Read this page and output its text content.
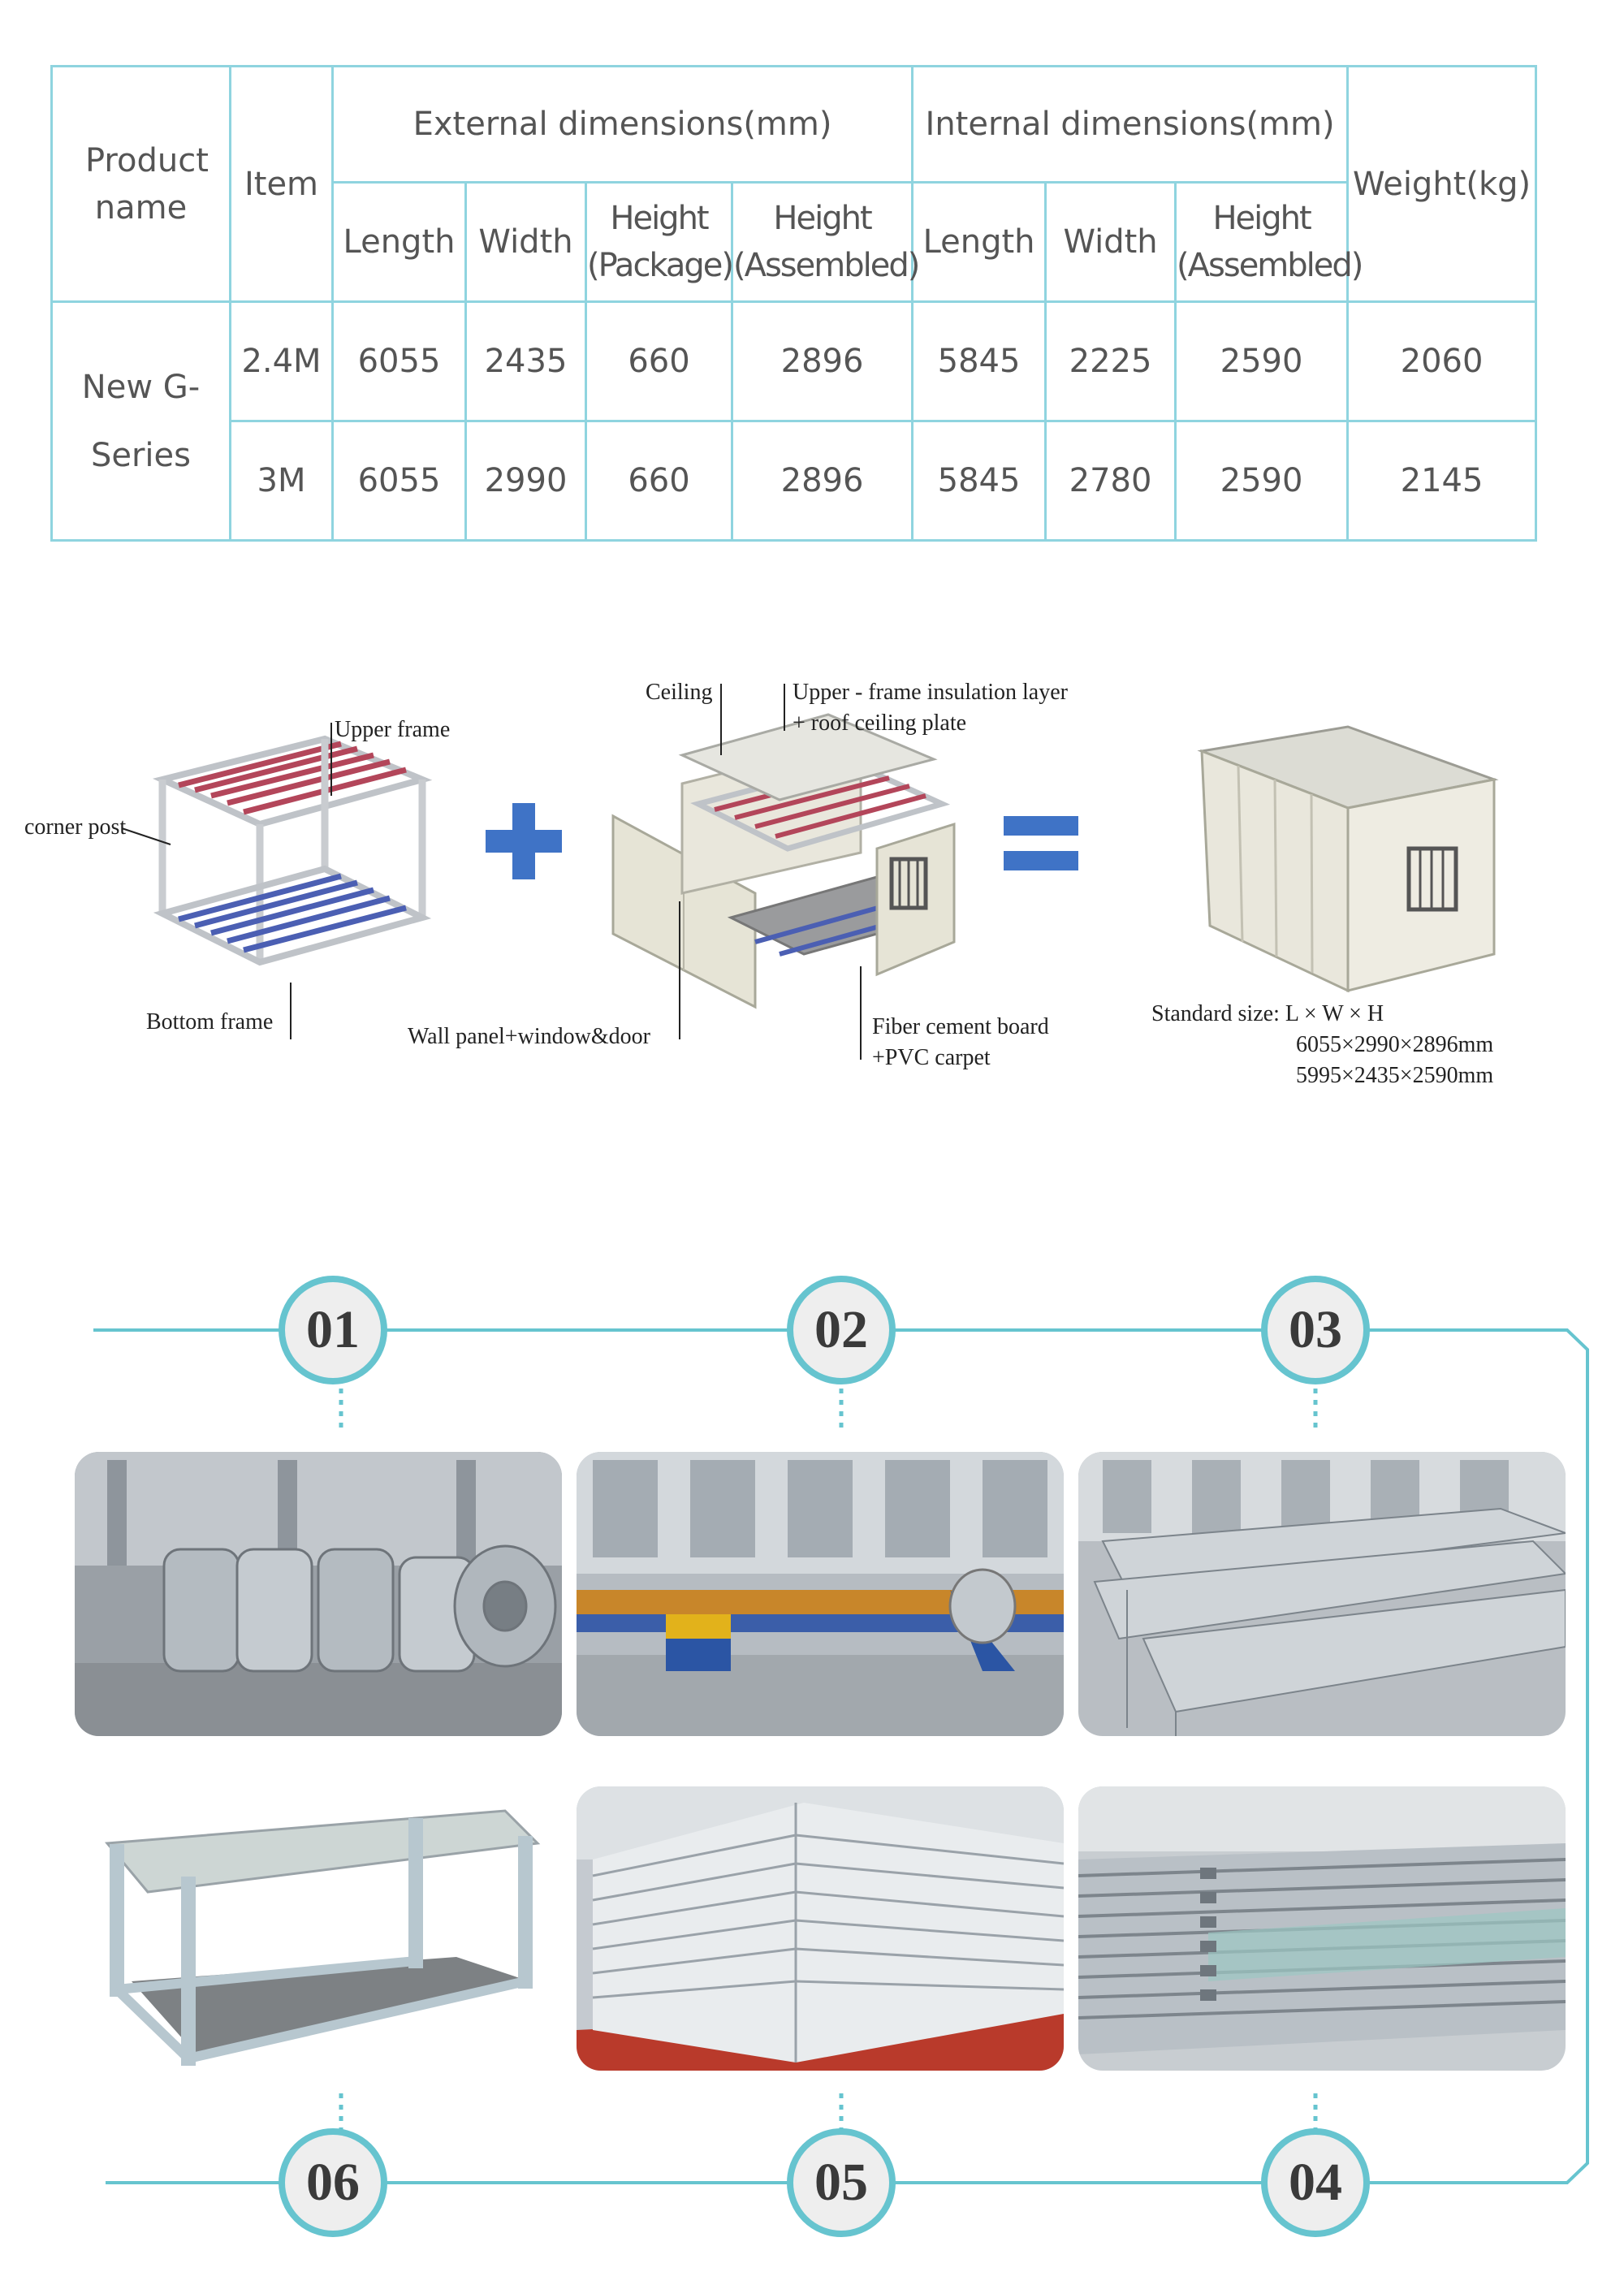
Product name	Item	External dimensions(mm)				Internal dimensions(mm)			Weight(kg)
		Length	Width	Height (Package)	Height (Assembled)	Length	Width	Height (Assembled)	
New G-Series	2.4M	6055	2435	660	2896	5845	2225	2590	2060
	3M	6055	2990	660	2896	5845	2780	2590	2145
Upper frame
corner post
Bottom frame
Ceiling	Upper - frame insulation layer
+ roof ceiling plate
Wall panel+window&door	Fiber cement board
+PVC carpet
Standard size: L × W × H
6055×2990×2896mm
5995×2435×2590mm
01	02	03
06	05	04
